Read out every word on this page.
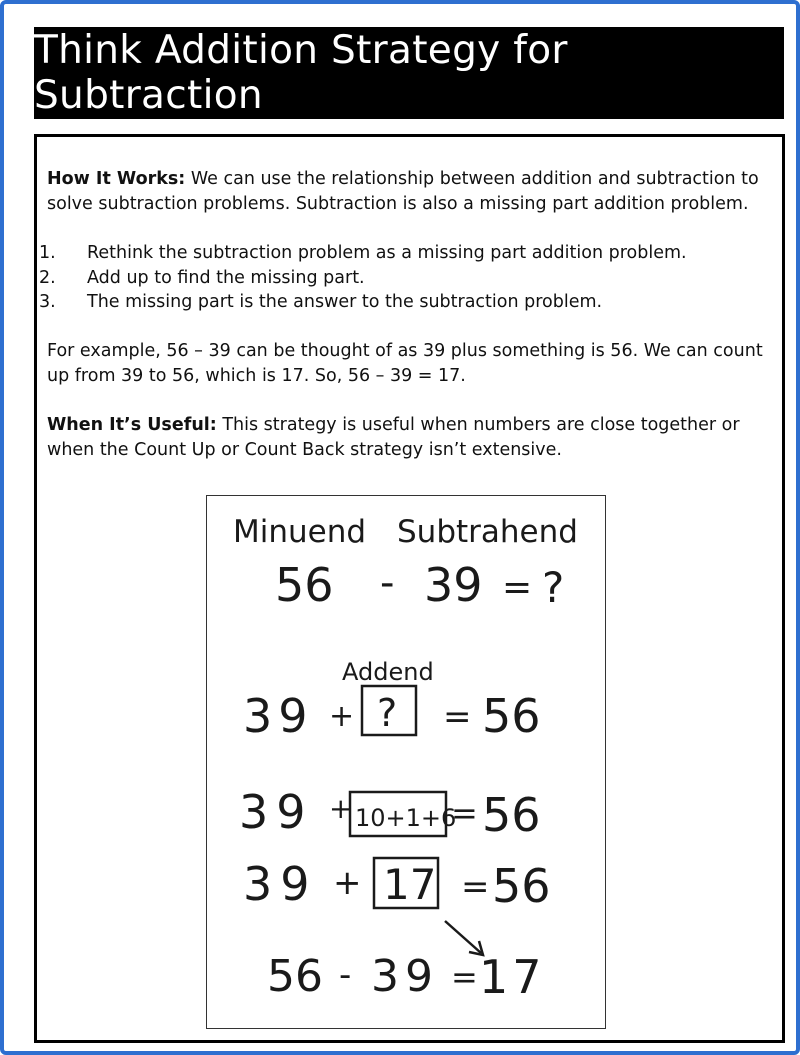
Think Addition Strategy for Subtraction

How It Works: We can use the relationship between addition and subtraction to solve subtraction problems. Subtraction is also a missing part addition problem.

1.	Rethink the subtraction problem as a missing part addition problem.
2.	Add up to find the missing part.
3.	The missing part is the answer to the subtraction problem.

For example, 56 – 39 can be thought of as 39 plus something is 56. We can count up from 39 to 56, which is 17. So, 56 – 39 = 17.

When It’s Useful: This strategy is useful when numbers are close together or when the Count Up or Count Back strategy isn’t extensive.

Minuend Subtrahend
56 - 39 = ?
Addend
39 + ? = 56
39 + 10+1+6
= 56
39 + 17 = 56
56 - 39 = 17
